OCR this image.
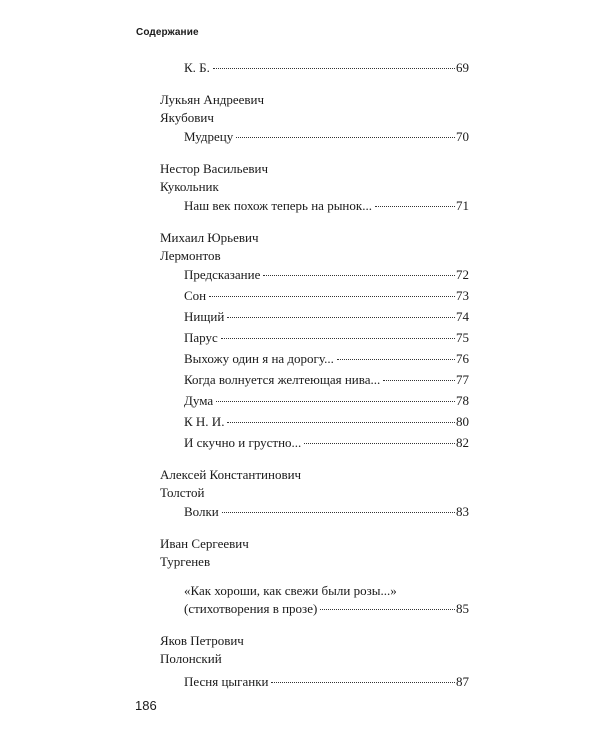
Содержание
К. Б.	69
Лукьян Андреевич
Якубович
Мудрецу	70
Нестор Васильевич
Кукольник
Наш век похож теперь на рынок...	71
Михаил Юрьевич
Лермонтов
Предсказание	72
Сон	73
Нищий	74
Парус	75
Выхожу один я на дорогу...	76
Когда волнуется желтеющая нива...	77
Дума	78
К Н. И.	80
И скучно и грустно...	82
Алексей Константинович
Толстой
Волки	83
Иван Сергеевич
Тургенев
«Как хороши, как свежи были розы...»
(стихотворения в прозе)	85
Яков Петрович
Полонский
Песня цыганки	87
186
